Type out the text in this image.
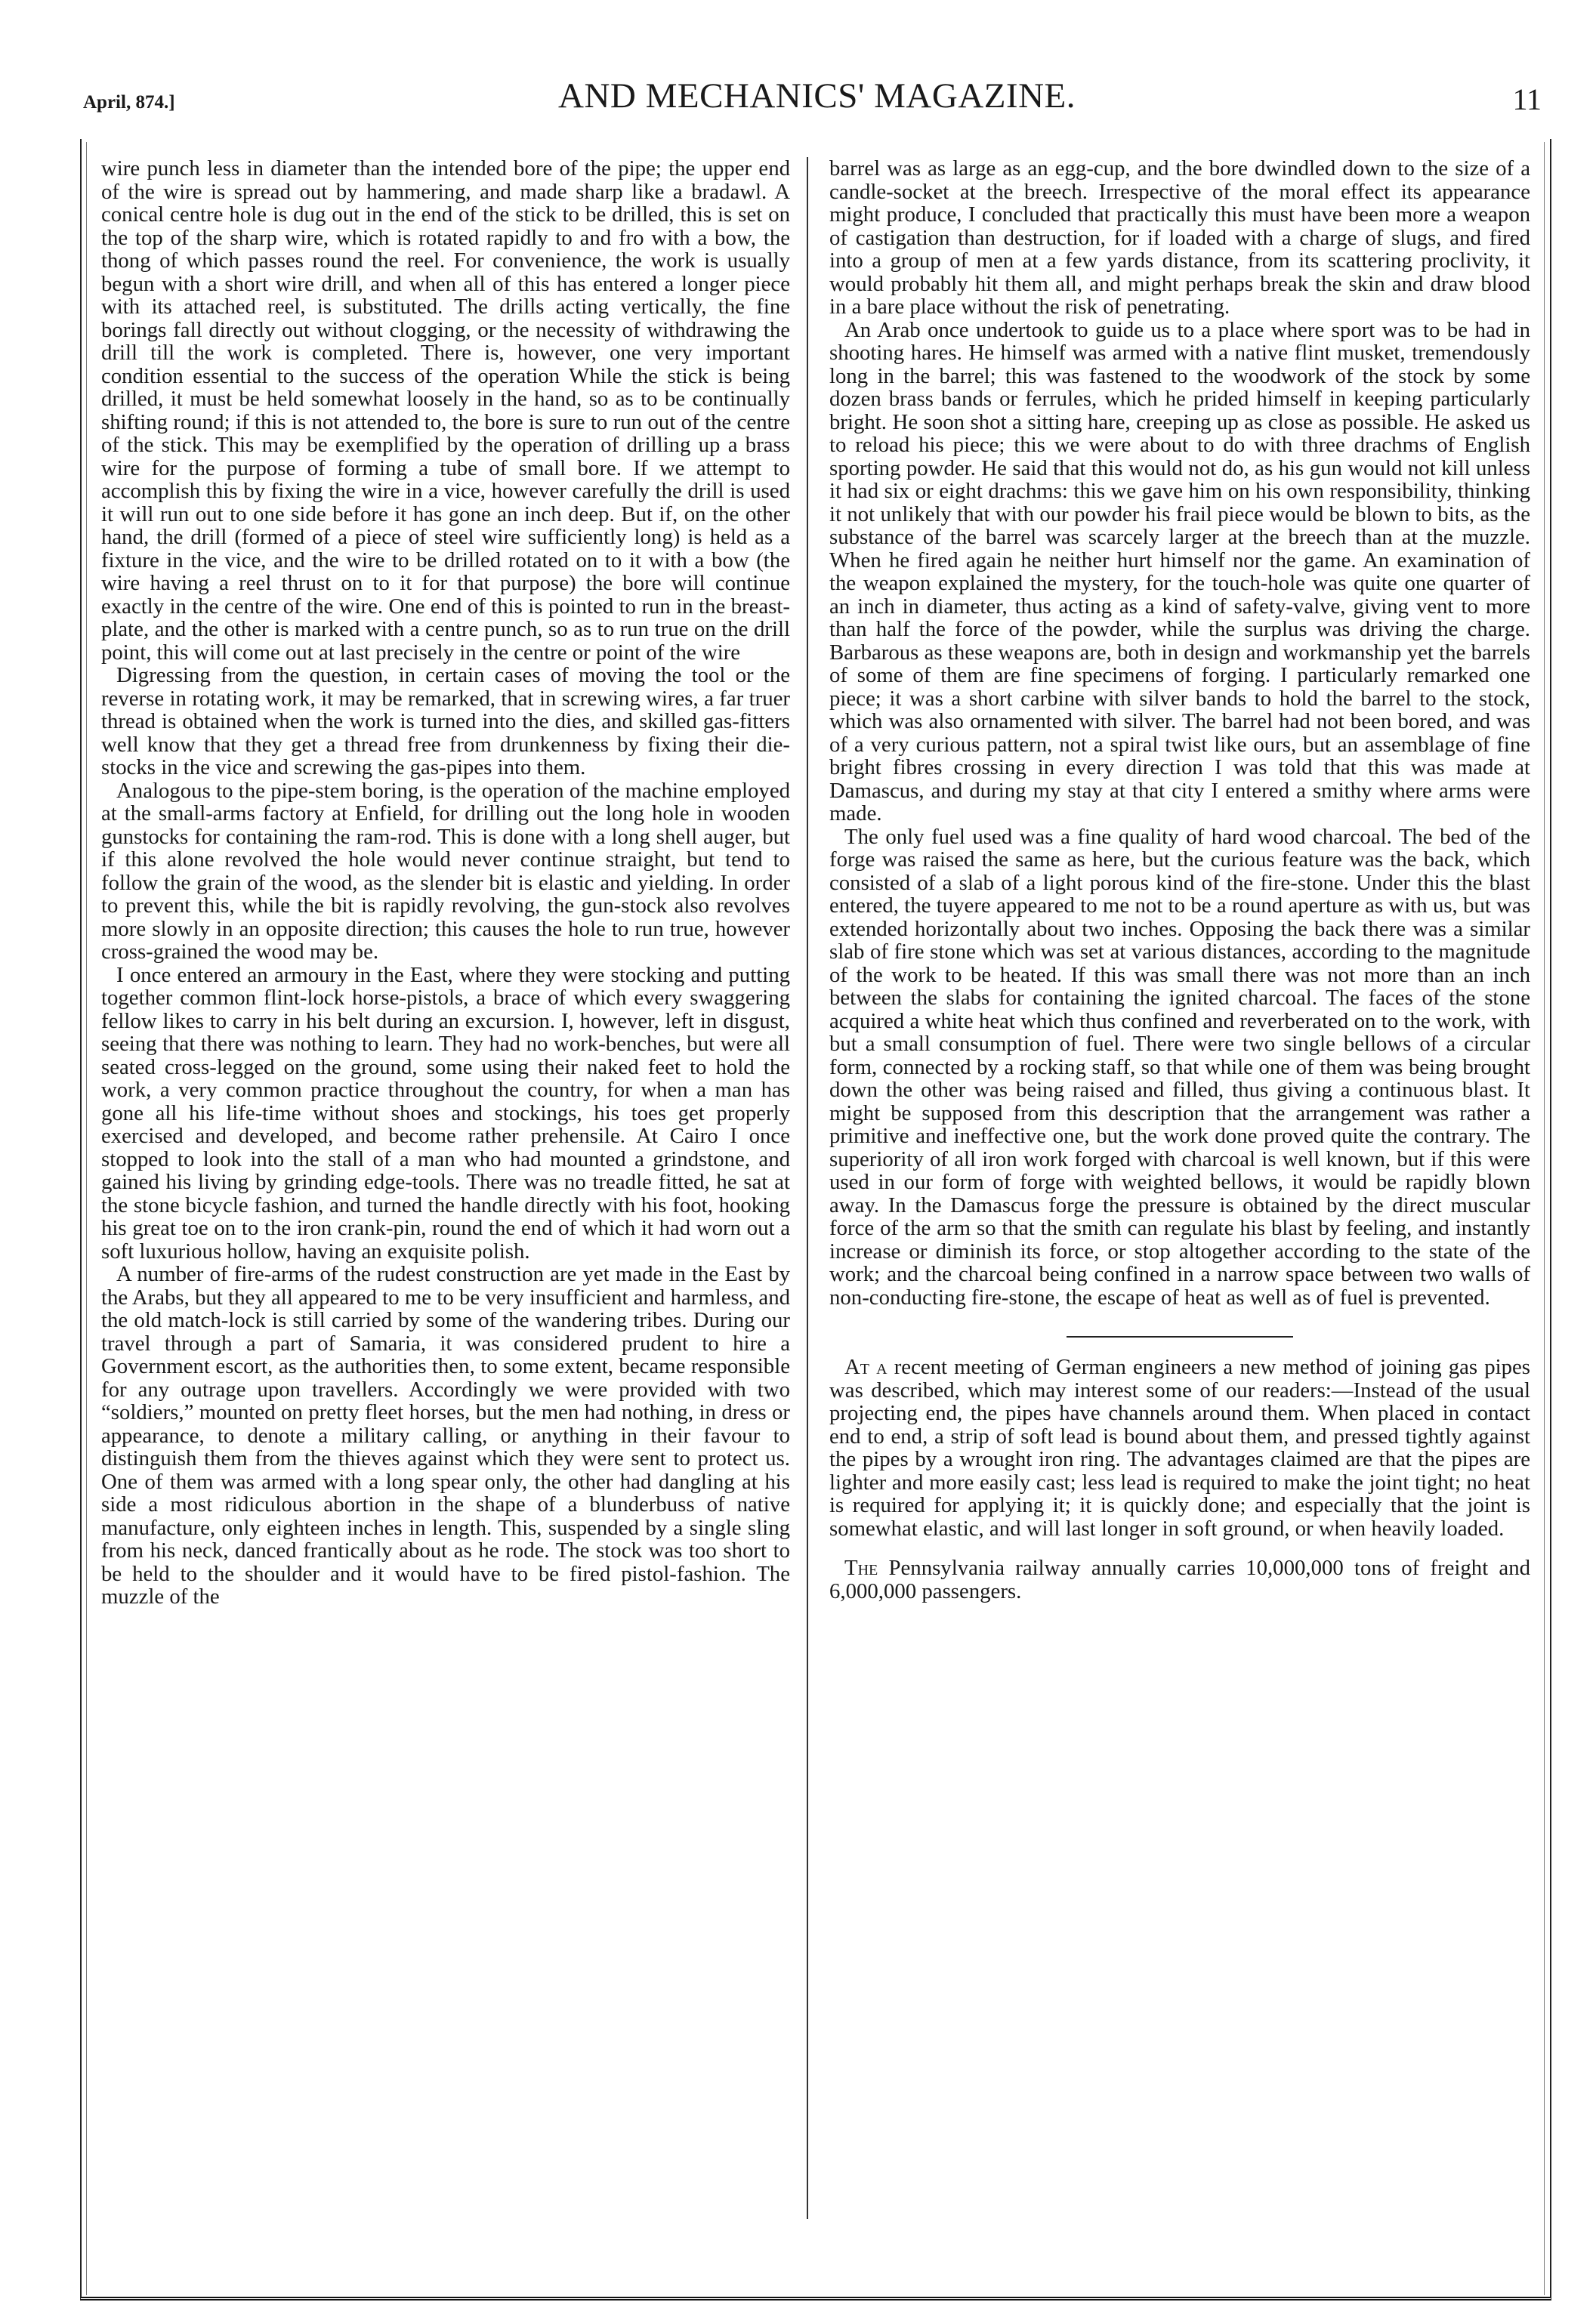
April, 874.]	AND MECHANICS' MAGAZINE.	11

wire punch less in diameter than the intended bore of the pipe; the upper end of the wire is spread out by hammering, and made sharp like a bradawl. A conical centre hole is dug out in the end of the stick to be drilled, this is set on the top of the sharp wire, which is rotated rapidly to and fro with a bow, the thong of which passes round the reel. For convenience, the work is usually begun with a short wire drill, and when all of this has entered a longer piece with its attached reel, is substituted. The drills acting vertically, the fine borings fall directly out without clogging, or the necessity of withdrawing the drill till the work is completed. There is, however, one very important condition essential to the success of the operation While the stick is being drilled, it must be held somewhat loosely in the hand, so as to be continually shifting round; if this is not attended to, the bore is sure to run out of the centre of the stick. This may be exemplified by the operation of drilling up a brass wire for the purpose of forming a tube of small bore. If we attempt to accomplish this by fixing the wire in a vice, however carefully the drill is used it will run out to one side before it has gone an inch deep. But if, on the other hand, the drill (formed of a piece of steel wire sufficiently long) is held as a fixture in the vice, and the wire to be drilled rotated on to it with a bow (the wire having a reel thrust on to it for that purpose) the bore will continue exactly in the centre of the wire. One end of this is pointed to run in the breast-plate, and the other is marked with a centre punch, so as to run true on the drill point, this will come out at last precisely in the centre or point of the wire

Digressing from the question, in certain cases of moving the tool or the reverse in rotating work, it may be remarked, that in screwing wires, a far truer thread is obtained when the work is turned into the dies, and skilled gas-fitters well know that they get a thread free from drunkenness by fixing their die-stocks in the vice and screwing the gas-pipes into them.

Analogous to the pipe-stem boring, is the operation of the machine employed at the small-arms factory at Enfield, for drilling out the long hole in wooden gunstocks for containing the ram-rod. This is done with a long shell auger, but if this alone revolved the hole would never continue straight, but tend to follow the grain of the wood, as the slender bit is elastic and yielding. In order to prevent this, while the bit is rapidly revolving, the gun-stock also revolves more slowly in an opposite direction; this causes the hole to run true, however cross-grained the wood may be.

I once entered an armoury in the East, where they were stocking and putting together common flint-lock horse-pistols, a brace of which every swaggering fellow likes to carry in his belt during an excursion. I, however, left in disgust, seeing that there was nothing to learn. They had no work-benches, but were all seated cross-legged on the ground, some using their naked feet to hold the work, a very common practice throughout the country, for when a man has gone all his life-time without shoes and stockings, his toes get properly exercised and developed, and become rather prehensile. At Cairo I once stopped to look into the stall of a man who had mounted a grindstone, and gained his living by grinding edge-tools. There was no treadle fitted, he sat at the stone bicycle fashion, and turned the handle directly with his foot, hooking his great toe on to the iron crank-pin, round the end of which it had worn out a soft luxurious hollow, having an exquisite polish.

A number of fire-arms of the rudest construction are yet made in the East by the Arabs, but they all appeared to me to be very insufficient and harmless, and the old match-lock is still carried by some of the wandering tribes. During our travel through a part of Samaria, it was considered prudent to hire a Government escort, as the authorities then, to some extent, became responsible for any outrage upon travellers. Accordingly we were provided with two “soldiers,” mounted on pretty fleet horses, but the men had nothing, in dress or appearance, to denote a military calling, or anything in their favour to distinguish them from the thieves against which they were sent to protect us. One of them was armed with a long spear only, the other had dangling at his side a most ridiculous abortion in the shape of a blunderbuss of native manufacture, only eighteen inches in length. This, suspended by a single sling from his neck, danced frantically about as he rode. The stock was too short to be held to the shoulder and it would have to be fired pistol-fashion. The muzzle of the

barrel was as large as an egg-cup, and the bore dwindled down to the size of a candle-socket at the breech. Irrespective of the moral effect its appearance might produce, I concluded that practically this must have been more a weapon of castigation than destruction, for if loaded with a charge of slugs, and fired into a group of men at a few yards distance, from its scattering proclivity, it would probably hit them all, and might perhaps break the skin and draw blood in a bare place without the risk of penetrating.

An Arab once undertook to guide us to a place where sport was to be had in shooting hares. He himself was armed with a native flint musket, tremendously long in the barrel; this was fastened to the woodwork of the stock by some dozen brass bands or ferrules, which he prided himself in keeping particularly bright. He soon shot a sitting hare, creeping up as close as possible. He asked us to reload his piece; this we were about to do with three drachms of English sporting powder. He said that this would not do, as his gun would not kill unless it had six or eight drachms: this we gave him on his own responsibility, thinking it not unlikely that with our powder his frail piece would be blown to bits, as the substance of the barrel was scarcely larger at the breech than at the muzzle. When he fired again he neither hurt himself nor the game. An examination of the weapon explained the mystery, for the touch-hole was quite one quarter of an inch in diameter, thus acting as a kind of safety-valve, giving vent to more than half the force of the powder, while the surplus was driving the charge. Barbarous as these weapons are, both in design and workmanship yet the barrels of some of them are fine specimens of forging. I particularly remarked one piece; it was a short carbine with silver bands to hold the barrel to the stock, which was also ornamented with silver. The barrel had not been bored, and was of a very curious pattern, not a spiral twist like ours, but an assemblage of fine bright fibres crossing in every direction I was told that this was made at Damascus, and during my stay at that city I entered a smithy where arms were made.

The only fuel used was a fine quality of hard wood charcoal. The bed of the forge was raised the same as here, but the curious feature was the back, which consisted of a slab of a light porous kind of the fire-stone. Under this the blast entered, the tuyere appeared to me not to be a round aperture as with us, but was extended horizontally about two inches. Opposing the back there was a similar slab of fire stone which was set at various distances, according to the magnitude of the work to be heated. If this was small there was not more than an inch between the slabs for containing the ignited charcoal. The faces of the stone acquired a white heat which thus confined and reverberated on to the work, with but a small consumption of fuel. There were two single bellows of a circular form, connected by a rocking staff, so that while one of them was being brought down the other was being raised and filled, thus giving a continuous blast. It might be supposed from this description that the arrangement was rather a primitive and ineffective one, but the work done proved quite the contrary. The superiority of all iron work forged with charcoal is well known, but if this were used in our form of forge with weighted bellows, it would be rapidly blown away. In the Damascus forge the pressure is obtained by the direct muscular force of the arm so that the smith can regulate his blast by feeling, and instantly increase or diminish its force, or stop altogether according to the state of the work; and the charcoal being confined in a narrow space between two walls of non-conducting fire-stone, the escape of heat as well as of fuel is prevented.

At a recent meeting of German engineers a new method of joining gas pipes was described, which may interest some of our readers:—Instead of the usual projecting end, the pipes have channels around them. When placed in contact end to end, a strip of soft lead is bound about them, and pressed tightly against the pipes by a wrought iron ring. The advantages claimed are that the pipes are lighter and more easily cast; less lead is required to make the joint tight; no heat is required for applying it; it is quickly done; and especially that the joint is somewhat elastic, and will last longer in soft ground, or when heavily loaded.

The Pennsylvania railway annually carries 10,000,000 tons of freight and 6,000,000 passengers.
